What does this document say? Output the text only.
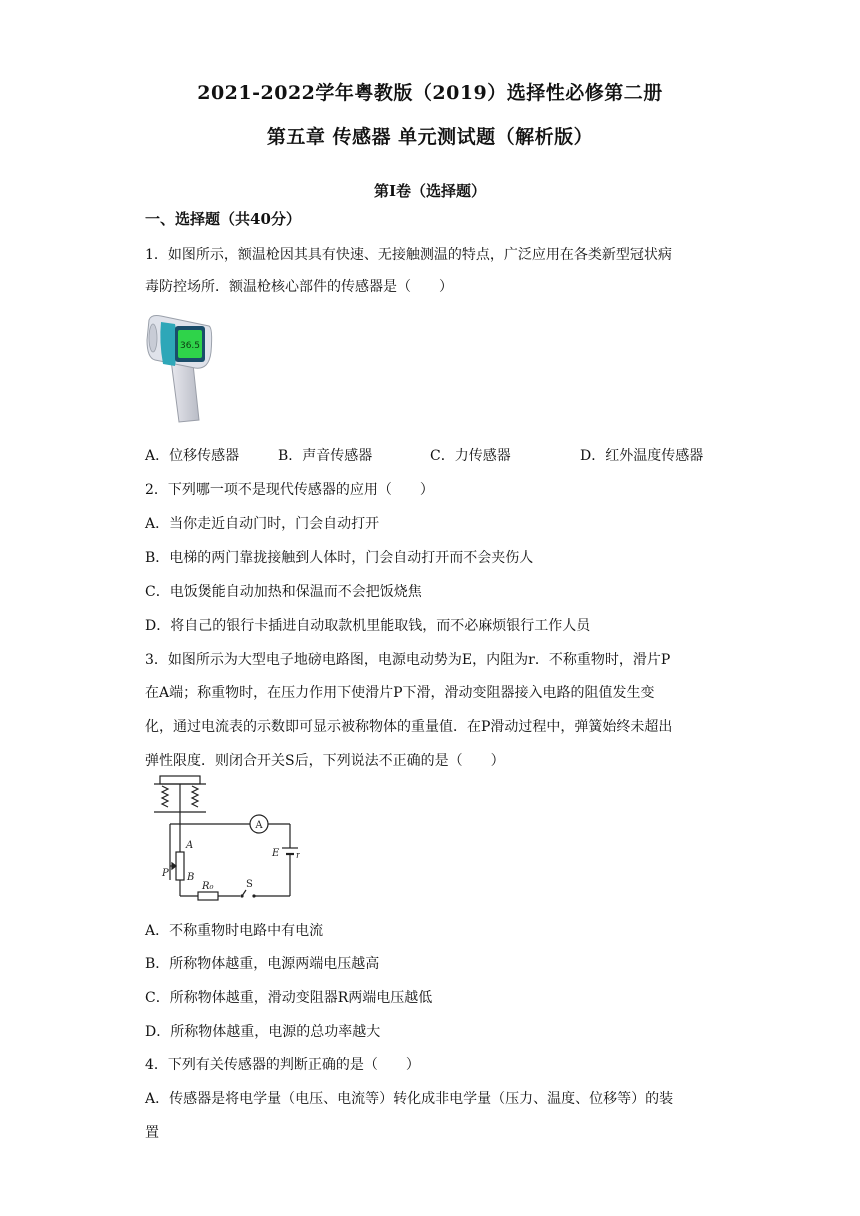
2021-2022学年粤教版（2019）选择性必修第二册
第五章 传感器 单元测试题（解析版）
第Ⅰ卷（选择题）
一、选择题（共40分）
1．如图所示，额温枪因其具有快速、无接触测温的特点，广泛应用在各类新型冠状病
毒防控场所．额温枪核心部件的传感器是（　　）
36.5
A．位移传感器	B．声音传感器	C．力传感器	D．红外温度传感器
2．下列哪一项不是现代传感器的应用（　　）
A．当你走近自动门时，门会自动打开
B．电梯的两门靠拢接触到人体时，门会自动打开而不会夹伤人
C．电饭煲能自动加热和保温而不会把饭烧焦
D．将自己的银行卡插进自动取款机里能取钱，而不必麻烦银行工作人员
3．如图所示为大型电子地磅电路图，电源电动势为E，内阻为r．不称重物时，滑片P
在A端；称重物时，在压力作用下使滑片P下滑，滑动变阻器接入电路的阻值发生变
化，通过电流表的示数即可显示被称物体的重量值．在P滑动过程中，弹簧始终未超出
弹性限度．则闭合开关S后，下列说法不正确的是（　　）
A
E r
A
B
P
R₀	S
A．不称重物时电路中有电流
B．所称物体越重，电源两端电压越高
C．所称物体越重，滑动变阻器R两端电压越低
D．所称物体越重，电源的总功率越大
4．下列有关传感器的判断正确的是（　　）
A．传感器是将电学量（电压、电流等）转化成非电学量（压力、温度、位移等）的装
置
